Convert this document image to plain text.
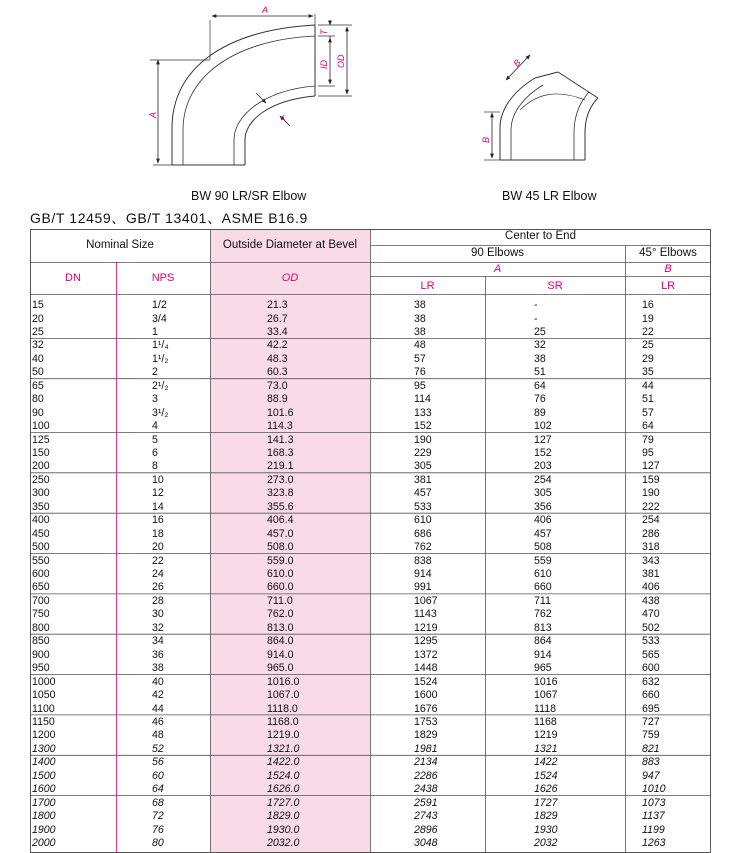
A
T
ID OD
A	T
B
B
BW 90 LR/SR Elbow	BW 45 LR Elbow
GB/T 12459、GB/T 13401、ASME B16.9
Nominal Size	Outside Diameter at Bevel
Center to End
90 Elbows	45° Elbows
A	B
DN	NPS	OD
LR	SR	LR
15	1/2	21.3	38	-	16
20	3/4	26.7	38	-	19
25	1	33.4	38	25	22
32	1¹/₄	42.2	48	32	25
40	1¹/₂	48.3	57	38	29
50	2	60.3	76	51	35
65	2¹/₂	73.0	95	64	44
80	3	88.9	114	76	51
90	3¹/₂	101.6	133	89	57
100	4	114.3	152	102	64
125	5	141.3	190	127	79
150	6	168.3	229	152	95
200	8	219.1	305	203	127
250	10	273.0	381	254	159
300	12	323.8	457	305	190
350	14	355.6	533	356	222
400	16	406.4	610	406	254
450	18	457.0	686	457	286
500	20	508.0	762	508	318
550	22	559.0	838	559	343
600	24	610.0	914	610	381
650	26	660.0	991	660	406
700	28	711.0	1067	711	438
750	30	762.0	1143	762	470
800	32	813.0	1219	813	502
850	34	864.0	1295	864	533
900	36	914.0	1372	914	565
950	38	965.0	1448	965	600
1000	40	1016.0	1524	1016	632
1050	42	1067.0	1600	1067	660
1100	44	1118.0	1676	1118	695
1150	46	1168.0	1753	1168	727
1200	48	1219.0	1829	1219	759
1300	52	1321.0	1981	1321	821
1400	56	1422.0	2134	1422	883
1500	60	1524.0	2286	1524	947
1600	64	1626.0	2438	1626	1010
1700	68	1727.0	2591	1727	1073
1800	72	1829.0	2743	1829	1137
1900	76	1930.0	2896	1930	1199
2000	80	2032.0	3048	2032	1263
